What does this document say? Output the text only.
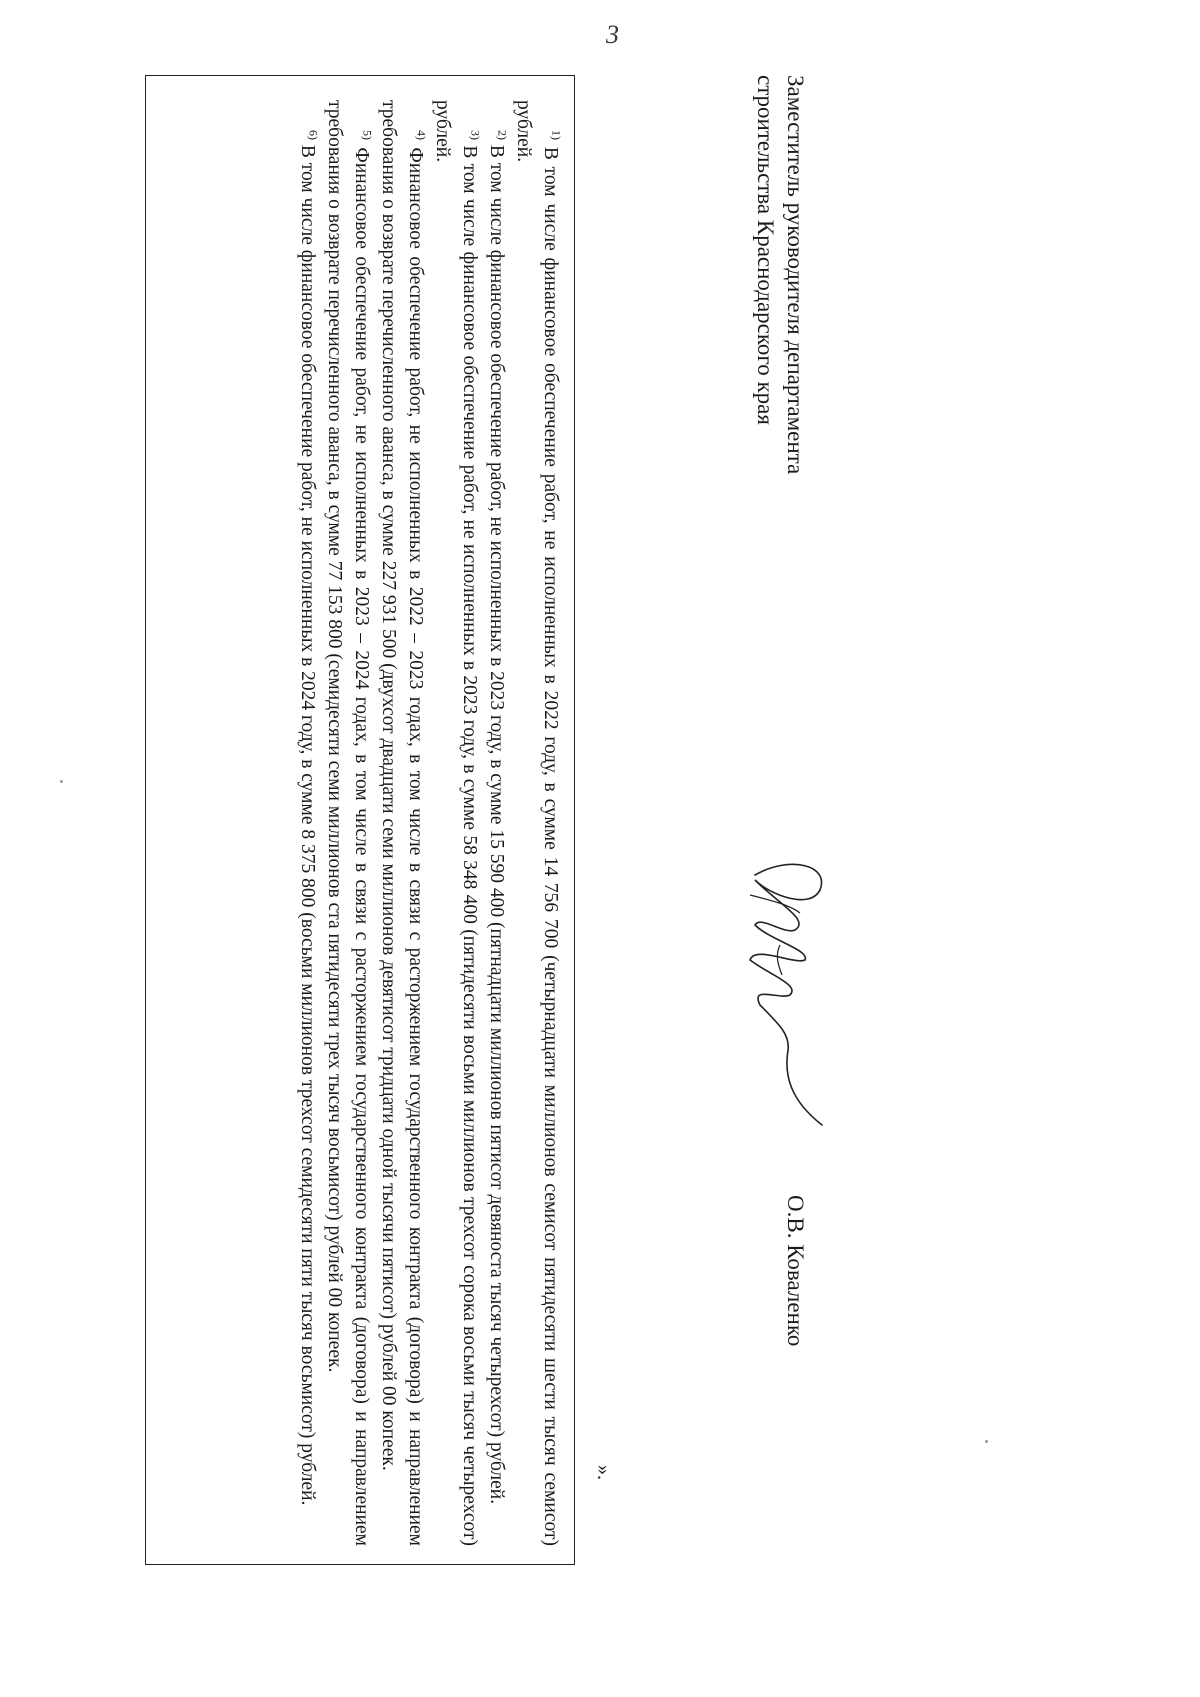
3

$^{1)}$ В том числе финансовое обеспечение работ, не исполненных в 2022 году, в сумме 14 756 700 (четырнадцати миллионов семисот пятидесяти шести тысяч семисот) рублей.

$^{2)}$ В том числе финансовое обеспечение работ, не исполненных в 2023 году, в сумме 15 590 400 (пятнадцати миллионов пятисот девяноста тысяч четырехсот) рублей.

$^{3)}$ В том числе финансовое обеспечение работ, не исполненных в 2023 году, в сумме 58 348 400 (пятидесяти восьми миллионов трехсот сорока восьми тысяч четырехсот) рублей.

$^{4)}$ Финансовое обеспечение работ, не исполненных в 2022 – 2023 годах, в том числе в связи с расторжением государственного контракта (договора) и направлением требования о возврате перечисленного аванса, в сумме 227 931 500 (двухсот двадцати семи миллионов девятисот тридцати одной тысячи пятисот) рублей 00 копеек.

$^{5)}$ Финансовое обеспечение работ, не исполненных в 2023 – 2024 годах, в том числе в связи с расторжением государственного контракта (договора) и направлением требования о возврате перечисленного аванса, в сумме 77 153 800 (семидесяти семи миллионов ста пятидесяти трех тысяч восьмисот) рублей 00 копеек.

$^{6)}$ В том числе финансовое обеспечение работ, не исполненных в 2024 году, в сумме 8 375 800 (восьми миллионов трехсот семидесяти пяти тысяч восьмисот) рублей.	».
Заместитель руководителя департамента
строительства Краснодарского края
О.В. Коваленко
